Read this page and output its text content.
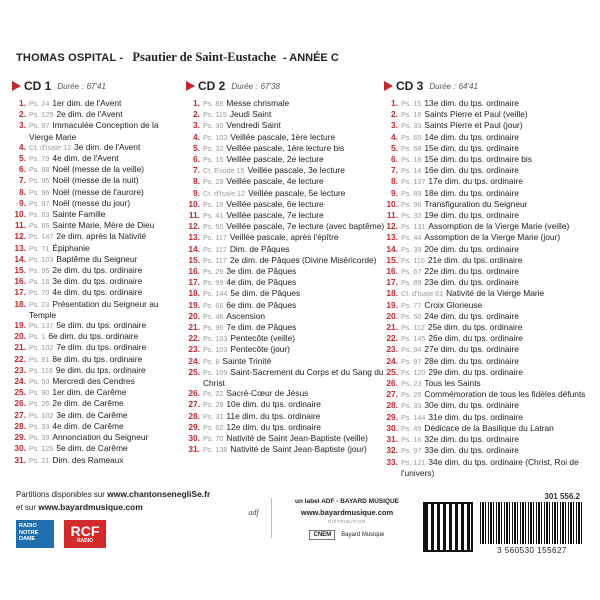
THOMAS OSPITAL - Psautier de Saint-Eustache - ANNÉE C
CD 1 Durée : 67'41
1. Ps. 24 1er dim. de l'Avent
2. Ps. 125 2e dim. de l'Avent
3. Ps. 97 Immaculée Conception de la Vierge Marie
4. Ct. d'Isaïe 12 3e dim. de l'Avent
5. Ps. 79 4e dim. de l'Avent
6. Ps. 88 Noël (messe de la veille)
7. Ps. 95 Noël (messe de la nuit)
8. Ps. 96 Noël (messe de l'aurore)
9. Ps. 97 Noël (messe du jour)
10. Ps. 83 Sainte Famille
11. Ps. 66 Sainte Marie, Mère de Dieu
12. Ps. 147 2e dim. après la Nativité
13. Ps. 71 Épiphanie
14. Ps. 103 Baptême du Seigneur
15. Ps. 95 2e dim. du tps. ordinaire
16. Ps. 18 3e dim. du tps. ordinaire
17. Ps. 70 4e dim. du tps. ordinaire
18. Ps. 23 Présentation du Seigneur au Temple
19. Ps. 137 5e dim. du tps. ordinaire
20. Ps. 1 6e dim. du tps. ordinaire
21. Ps. 102 7e dim. du tps. ordinaire
22. Ps. 91 8e dim. du tps. ordinaire
23. Ps. 116 9e dim. du tps. ordinaire
24. Ps. 50 Mercredi des Cendres
25. Ps. 90 1er dim. de Carême
26. Ps. 26 2e dim. de Carême
27. Ps. 102 3e dim. de Carême
28. Ps. 33 4e dim. de Carême
29. Ps. 39 Annonciation du Seigneur
30. Ps. 125 5e dim. de Carême
31. Ps. 21 Dim. des Rameaux
CD 2 Durée : 67'38
1. Ps. 88 Messe chrismale
2. Ps. 115 Jeudi Saint
3. Ps. 30 Vendredi Saint
4. Ps. 103 Veillée pascale, 1ère lecture
5. Ps. 32 Veillée pascale, 1ère lecture bis
6. Ps. 15 Veillée pascale, 2e lecture
7. Ct. Exode 15 Veillée pascale, 3e lecture
8. Ps. 29 Veillée pascale, 4e lecture
9. Ct. d'Isaïe 12 Veillée pascale, 5e lecture
10. Ps. 18 Veillée pascale, 6e lecture
11. Ps. 41 Veillée pascale, 7e lecture
12. Ps. 50 Veillée pascale, 7e lecture (avec baptême)
13. Ps. 117 Veillée pascale, après l'épître
14. Ps. 117 Dim. de Pâques
15. Ps. 117 2e dim. de Pâques (Divine Miséricorde)
16. Ps. 29 3e dim. de Pâques
17. Ps. 99 4e dim. de Pâques
18. Ps. 144 5e dim. de Pâques
19. Ps. 66 6e dim. de Pâques
20. Ps. 46 Ascension
21. Ps. 96 7e dim. de Pâques
22. Ps. 103 Pentecôte (veille)
23. Ps. 103 Pentecôte (jour)
24. Ps. 8 Sainte Trinité
25. Ps. 109 Saint-Sacrement du Corps et du Sang du Christ
26. Ps. 22 Sacré-Cœur de Jésus
27. Ps. 29 10e dim. du tps. ordinaire
28. Ps. 31 11e dim. du tps. ordinaire
29. Ps. 62 12e dim. du tps. ordinaire
30. Ps. 70 Nativité de Saint Jean-Baptiste (veille)
31. Ps. 138 Nativité de Saint Jean-Baptiste (jour)
CD 3 Durée : 64'41
1. Ps. 15 13e dim. du tps. ordinaire
2. Ps. 18 Saints Pierre et Paul (veille)
3. Ps. 33 Saints Pierre et Paul (jour)
4. Ps. 65 14e dim. du tps. ordinaire
5. Ps. 68 15e dim. du tps. ordinaire
6. Ps. 18 15e dim. du tps. ordinaire bis
7. Ps. 14 16e dim. du tps. ordinaire
8. Ps. 137 17e dim. du tps. ordinaire
9. Ps. 89 18e dim. du tps. ordinaire
10. Ps. 96 Transfiguration du Seigneur
11. Ps. 32 19e dim. du tps. ordinaire
12. Ps. 131 Assomption de la Vierge Marie (veille)
13. Ps. 44 Assomption de la Vierge Marie (jour)
14. Ps. 39 20e dim. du tps. ordinaire
15. Ps. 116 21e dim. du tps. ordinaire
16. Ps. 67 22e dim. du tps. ordinaire
17. Ps. 89 23e dim. du tps. ordinaire
18. Ct. d'Isaïe 61 Nativité de la Vierge Marie
19. Ps. 77 Croix Glorieuse
20. Ps. 50 24e dim. du tps. ordinaire
21. Ps. 112 25e dim. du tps. ordinaire
22. Ps. 145 26e dim. du tps. ordinaire
23. Ps. 94 27e dim. du tps. ordinaire
24. Ps. 97 28e dim. du tps. ordinaire
25. Ps. 120 29e dim. du tps. ordinaire
26. Ps. 23 Tous les Saints
27. Ps. 26 Commémoration de tous les fidèles défunts
28. Ps. 33 30e dim. du tps. ordinaire
29. Ps. 144 31e dim. du tps. ordinaire
30. Ps. 45 Dédicace de la Basilique du Latran
31. Ps. 16 32e dim. du tps. ordinaire
32. Ps. 97 33e dim. du tps. ordinaire
33. Ps. 121 34e dim. du tps. ordinaire (Christ, Roi de l'univers)
Partitions disponibles sur www.chantonsenegliSe.fr
et sur www.bayardmusique.com
RADIO NOTRE DAME
RCF
RADIO
adf
un label ADF - BAYARD MUSIQUE
www.bayardmusique.com
DISTRIBUTION
CNEM	Bayard Musique
301 556.2
3 560530 155627
